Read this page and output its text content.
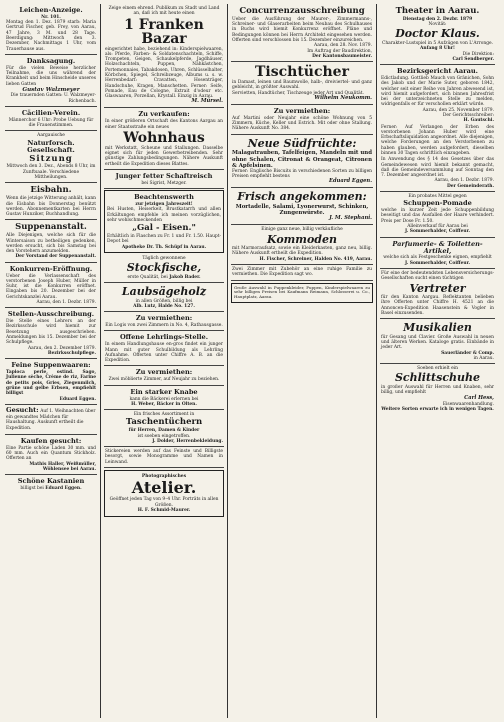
Leichen-Anzeige.
Nr. 101.
Montag den 1. Dez. 1879 starb: Maria Gertrud Fischer, geb. Frey, von Aarau, 47 Jahre, 3 M. und 28 Tage. Beerdigung: Mittwoch den 3. Dezember, Nachmittags 1 Uhr, vom Trauerhause aus.
Danksagung.
Für die vielen Beweise herzlicher Teilnahme, die uns während der Krankheit und beim Hinscheide unseres lieben Gatten
Gustav Walzmeyer
Die trauernden Gatten: U. Walzmeyer-Richenbach.
Cäcilien-Verein.
Männerchor 6 Uhr: Probe Uebung für die Frauenstimmen.
Aargauische
Naturforsch. Gesellschaft.
Sitzung
Mittwoch den 3. Dez., Abends 8 Uhr, im Zunftsaale. Verschiedene Mittheilungen.
Eisbahn.
Wenn die jetzige Witterung anhält, kann die Eisbahn bis Donnerstag benützt werden. Abonnementkarten bei Herrn Gustav Hunziker, Buchhandlung.
Suppenanstalt.
Alle Diejenigen, welche sich für die Wintersaison zu betheiligen gedenken, werden ersucht, sich bis Samstag bei den Vorstehern anzumelden.
Der Vorstand der Suppenanstalt.
Konkurren-Eröffnung.
Ueber die Verlassenschaft des verstorbenen Joseph Huber, Müller in Suhr, ist die Konkurren eröffnet. Eingaben bis 20. Dezember bei der Gerichtskanzlei Aarau.
Aarau, den 1. Dezbr. 1879.
Stellen-Ausschreibung.
Die Stelle eines Lehrers an der Bezirksschule wird hiemit zur Besetzung ausgeschrieben. Anmeldungen bis 15. Dezember bei der Schulpflege.
Aarau, den 2. Dezember 1879.
Bezirksschulpflege.
Feine Suppenwaaren:
Tapioca perle, ostind. Sago, Julienne sèche, Crème de riz, Farine de petits pois, Gries, Ziegenmilch, grüne und gelbe Erbsen, empfiehlt billigst
Eduard Eggen.
Gesucht: Auf 1. Weihnachten über ein gewandtes Mädchen für Haushaltung. Auskunft ertheilt die Expedition.
Kaufen gesucht:
Eine Partie schöne Laden 30 mm. und 60 mm. Auch ein Quantum Stickholz. Offerten an
Mathis Haller, Weißmüller, Wöhlensee bei Aarau.
Schöne Kastanien
billigst bei Eduard Eggen.
Zeige einem ehrend. Publikum zu Stadt und Land an, daß ich mit heute einen
1 Franken Bazar
eingerichtet habe, beziehend in: Kinderspielwaaren, als: Pferde, Farben- & Soldatenschachteln, Schiffe, Trompeten, Geigen, Schaukelpferde, Jagdhäuser, Holzschachteln, Puppen, Nähkästchen, Portemonnaies, Tabakdosen, Uhren, Schlüsselhalter, Körbchen, Spiegel, Schreibzeuge, Albums u. s. w. Herrenbedarf: Cravatten, Hosenträger, Handschuhe, Kragen, Manschetten. Ferner: Seife, Pomade, Eau de Cologne, Extrait d'odeur etc. Glaswaaren, Porzellan, Krystall. Einzig in Aarau.
M. Mürsel.
Zu verkaufen:
In einer größeren Ortschaft des Kantons Aargau an einer Staatsstraße ein neues
Wohnhaus
mit Werkstatt, Scheune und Stallungen. Dasselbe eignet sich für jeden Gewerbetreibenden. Sehr günstige Zahlungsbedingungen. Nähere Auskunft ertheilt die Expedition dieses Blattes.
Junger fetter Schaftreisch
bei Sigrist, Metzger.
Beachtenswerth
zur jetzigen Jahreszeit!
Bei Husten, Heiserkeit, Brustkatarrh und allen Erkältungen empfehle ich meinen vorzüglichen, sehr wohlschmeckenden
„Gal - Eisen."
Erhältlich in Flaschen zu Fr. 1 und Fr. 1.50. Haupt-Depot bei
Apotheke Dr. Th. Schüpf in Aarau.
Täglich gewonnene
Stockfische,
erste Qualität, bei Jakob Bader.
Laubsägeholz
in allen Größen, billig bei
Alb. Lutz, Halde No. 127.
Zu vermiethen:
Ein Logis von zwei Zimmern in No. 4, Rathausgasse.
Offene Lehrlings-Stelle.
In einem Handlungshause en-gros findet ein junger Mann mit guter Schulbildung als Lehrling Aufnahme. Offerten unter Chiffre A. B. an die Expedition.
Zu vermiethen:
Zwei möblierte Zimmer, auf Neujahr zu beziehen.
Ein starker Knabe
kann die Bäckerei erlernen bei
H. Weber, Bäcker in Olten.
Ein frisches Assortiment in
Taschentüchern
für Herren, Damen & Kinder
ist soeben eingetroffen.
J. Dolder, Herrenbekleidung.
Stickereien werden auf das Feinste und Billigste besorgt, sowie Monogramme und Namen in Leinwand.
Photographisches
Atelier.
Geöffnet jeden Tag von 9–4 Uhr. Porträts in allen Größen.
H. F. Schmid-Maurer.
Concurrenzausschreibung
Ueber die Ausführung der Maurer-, Zimmermanns-, Schreiner- und Glaserarbeiten beim Neubau des Schulhauses in Buchs wird hiemit Konkurrenz eröffnet. Pläne und Bedingungen können bei Herrn Architekt eingesehen werden. Offerten sind verschlossen bis 15. Dezember einzureichen.
Aarau, den 28. Nov. 1879.
Im Auftrag der Baudirektion,
Der Kantonsbaumeister.
Tischtücher
in Damast, leinen und Baumwolle, halb-, dreiviertel- und ganz gebleicht, in größter Auswahl.
Servietten, Handtücher, Tischzeuge jeder Art und Qualität.
Wilhelm Neukomm.
Zu vermiethen:
Auf Martini oder Neujahr eine schöne Wohnung von 5 Zimmern, Küche, Keller und Estrich. Mit oder ohne Stallung. Nähere Auskunft No. 384.
Neue Südfrüchte:
Malagatrauben, Tafelfeigen, Mandeln mit und ohne Schalen, Citronat & Orangeat, Citronen & Apfelsinen.
Ferner: Englische Biscuits in verschiedenen Sorten zu billigen Preisen empfiehlt bestens
Eduard Eggen.
Frisch angekommen:
Mortadelle, Salami, Lyonerwurst, Schinken, Zungenwürste.
J. M. Stephani.
Einige ganz neue, billig verkäufliche
Kommoden
mit Marmoraufsatz, sowie ein Kleiderkasten, ganz neu, billig. Nähere Auskunft ertheilt die Expedition.
H. Fischer, Schreiner, Halden No. 419, Aarau.
Zwei Zimmer mit Zubehör an eine ruhige Familie zu vermiethen. Die Expedition sagt wo.
Große Auswahl in Puppenkleider, Puppen, Kinderspielwaaren zu sehr billigen Preisen bei Kaufmann Reimann, Schlosserei u. Co., Hauptplatz, Aarau.
Theater in Aarau.
Dienstag den 2. Dezbr. 1879
Novität:
Doctor Klaus.
Charakter-Lustspiel in 5 Aufzügen von L'Arronge.
Anfang 8 Uhr!
Die Direktion:
Carl Sendberger.
Bezirksgericht Aarau.
Edictladung. Gottlieb Mauch von Gränichen, Sohn des Jakob und der Marie Suter, geboren 1842, welcher seit einer Reihe von Jahren abwesend ist, wird hiemit aufgefordert, sich binnen Jahresfrist bei der unterzeichneten Stelle zu melden, widrigenfalls er für verschollen erklärt würde.
Aarau, den 25. November 1879.
Der Gerichtsschreiber:
H. Gautschi.
Ferner: Auf Verlangen der Erben des verstorbenen Johann Huber wird eine Erbschaftsliquidation angeordnet. Alle diejenigen, welche Forderungen an den Verstorbenen zu haben glauben, werden aufgefordert, dieselben binnen 30 Tagen schriftlich einzugeben.
In Anwendung des § 14 des Gesetzes über das Gemeindewesen wird hiemit bekannt gemacht, daß die Gemeindeversammlung auf Sonntag den 7. Dezember angeordnet ist.
Aarau, den 1. Dezbr. 1879.
Der Gemeinderath.
Ein probates Mittel gegen
Schuppen-Pomade
welche in kurzer Zeit jede Schuppenbildung beseitigt und das Ausfallen der Haare verhindert. Preis per Dose Fr. 1.50.
Alleinverkauf für Aarau bei
J. Sommerhalder, Coiffeur.
Parfumerie- & Toiletten-Artikel,
welche sich als Festgeschenke eignen, empfiehlt
J. Sommerhalder, Coiffeur.
Für eine der bedeutendsten Lebensversicherungs-Gesellschaften sucht einen tüchtigen
Vertreter
für den Kanton Aargau. Reflektanten belieben ihre Offerten unter Chiffre H. 4521 an die Annoncen-Expedition Haasenstein & Vogler in Basel einzusenden.
Musikalien
für Gesang und Clavier. Große Auswahl in neuen und älteren Werken. Kataloge gratis. Einbände in jeder Art.
Sauerländer & Comp.
in Aarau.
Soeben erhielt ein
Schlittschuhe
in großer Auswahl für Herren und Knaben, sehr billig, und empfiehlt
Carl Hess,
Eisenwaarenhandlung.
Weitere Sorten erwarte ich in wenigen Tagen.
